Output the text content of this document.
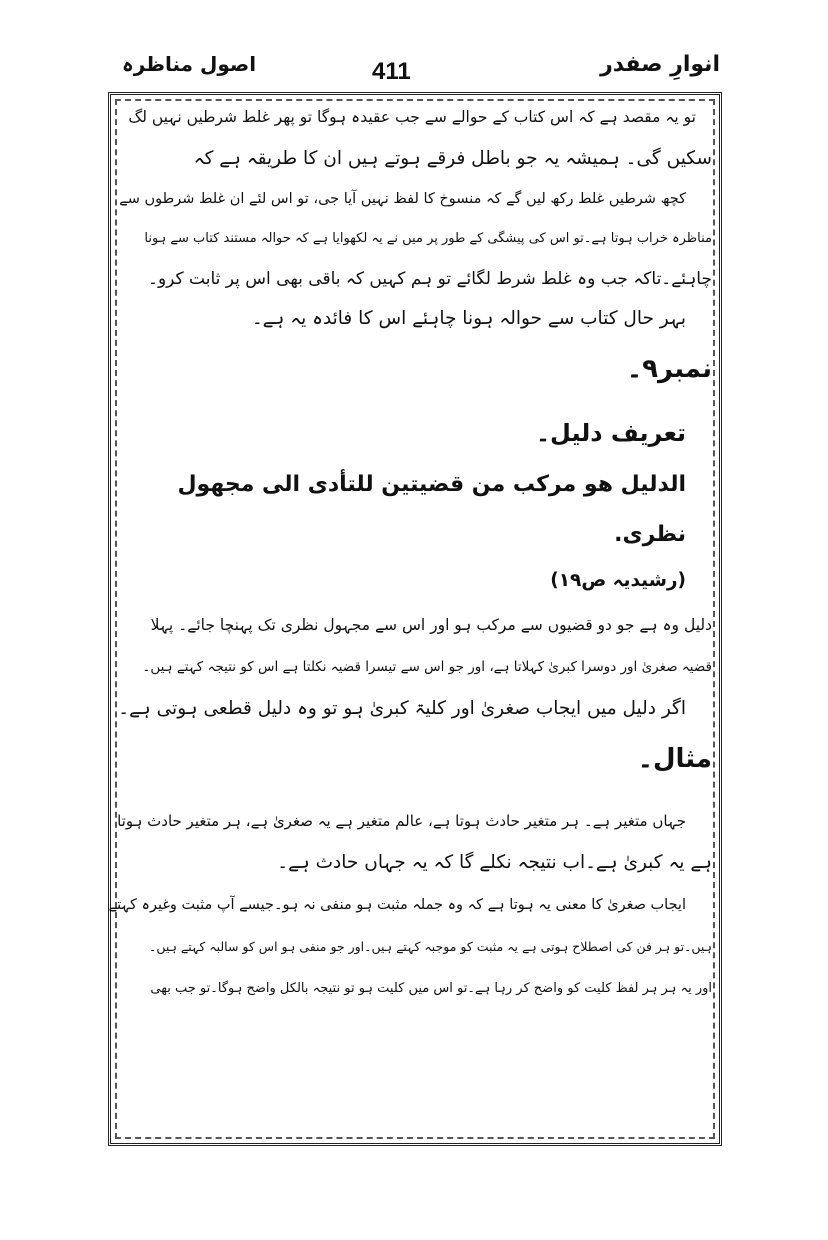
انوارِ صفدر
411
اصول مناظرہ
تو یہ مقصد ہے کہ اس کتاب کے حوالے سے جب عقیدہ ہوگا تو پھر غلط شرطیں نہیں لگ
سکیں گی۔ ہمیشہ یہ جو باطل فرقے ہوتے ہیں ان کا طریقہ ہے کہ
کچھ شرطیں غلط رکھ لیں گے کہ منسوخ کا لفظ نہیں آیا جی، تو اس لئے ان غلط شرطوں سے
مناظرہ خراب ہوتا ہے۔تو اس کی پیشگی کے طور پر میں نے یہ لکھوایا ہے کہ حوالہ مستند کتاب سے ہونا
چاہئے۔تاکہ جب وہ غلط شرط لگائے تو ہم کہیں کہ باقی بھی اس پر ثابت کرو۔
بہر حال کتاب سے حوالہ ہونا چاہئے اس کا فائدہ یہ ہے۔
نمبر۹۔
تعریف دلیل۔
الدلیل هو مرکب من قضیتین للتأدی الی مجهول
نظری.
(رشیدیہ ص۱۹)
دلیل وہ ہے جو دو قضیوں سے مرکب ہو اور اس سے مجہول نظری تک پہنچا جائے۔ پہلا
قضیہ صغریٰ اور دوسرا کبریٰ کہلاتا ہے، اور جو اس سے تیسرا قضیہ نکلتا ہے اس کو نتیجہ کہتے ہیں۔
اگر دلیل میں ایجاب صغریٰ اور کلیۃ کبریٰ ہو تو وہ دلیل قطعی ہوتی ہے۔
مثال۔
جہاں متغیر ہے۔ ہر متغیر حادث ہوتا ہے، عالم متغیر ہے یہ صغریٰ ہے، ہر متغیر حادث ہوتا
ہے یہ کبریٰ ہے۔اب نتیجہ نکلے گا کہ یہ جہاں حادث ہے۔
ایجاب صغریٰ کا معنی یہ ہوتا ہے کہ وہ جملہ مثبت ہو منفی نہ ہو۔جیسے آپ مثبت وغیرہ کہتے
ہیں۔تو ہر فن کی اصطلاح ہوتی ہے یہ مثبت کو موجبہ کہتے ہیں۔اور جو منفی ہو اس کو سالبہ کہتے ہیں۔
اور یہ ہر ہر لفظ کلیت کو واضح کر رہا ہے۔تو اس میں کلیت ہو تو نتیجہ بالکل واضح ہوگا۔تو جب بھی
